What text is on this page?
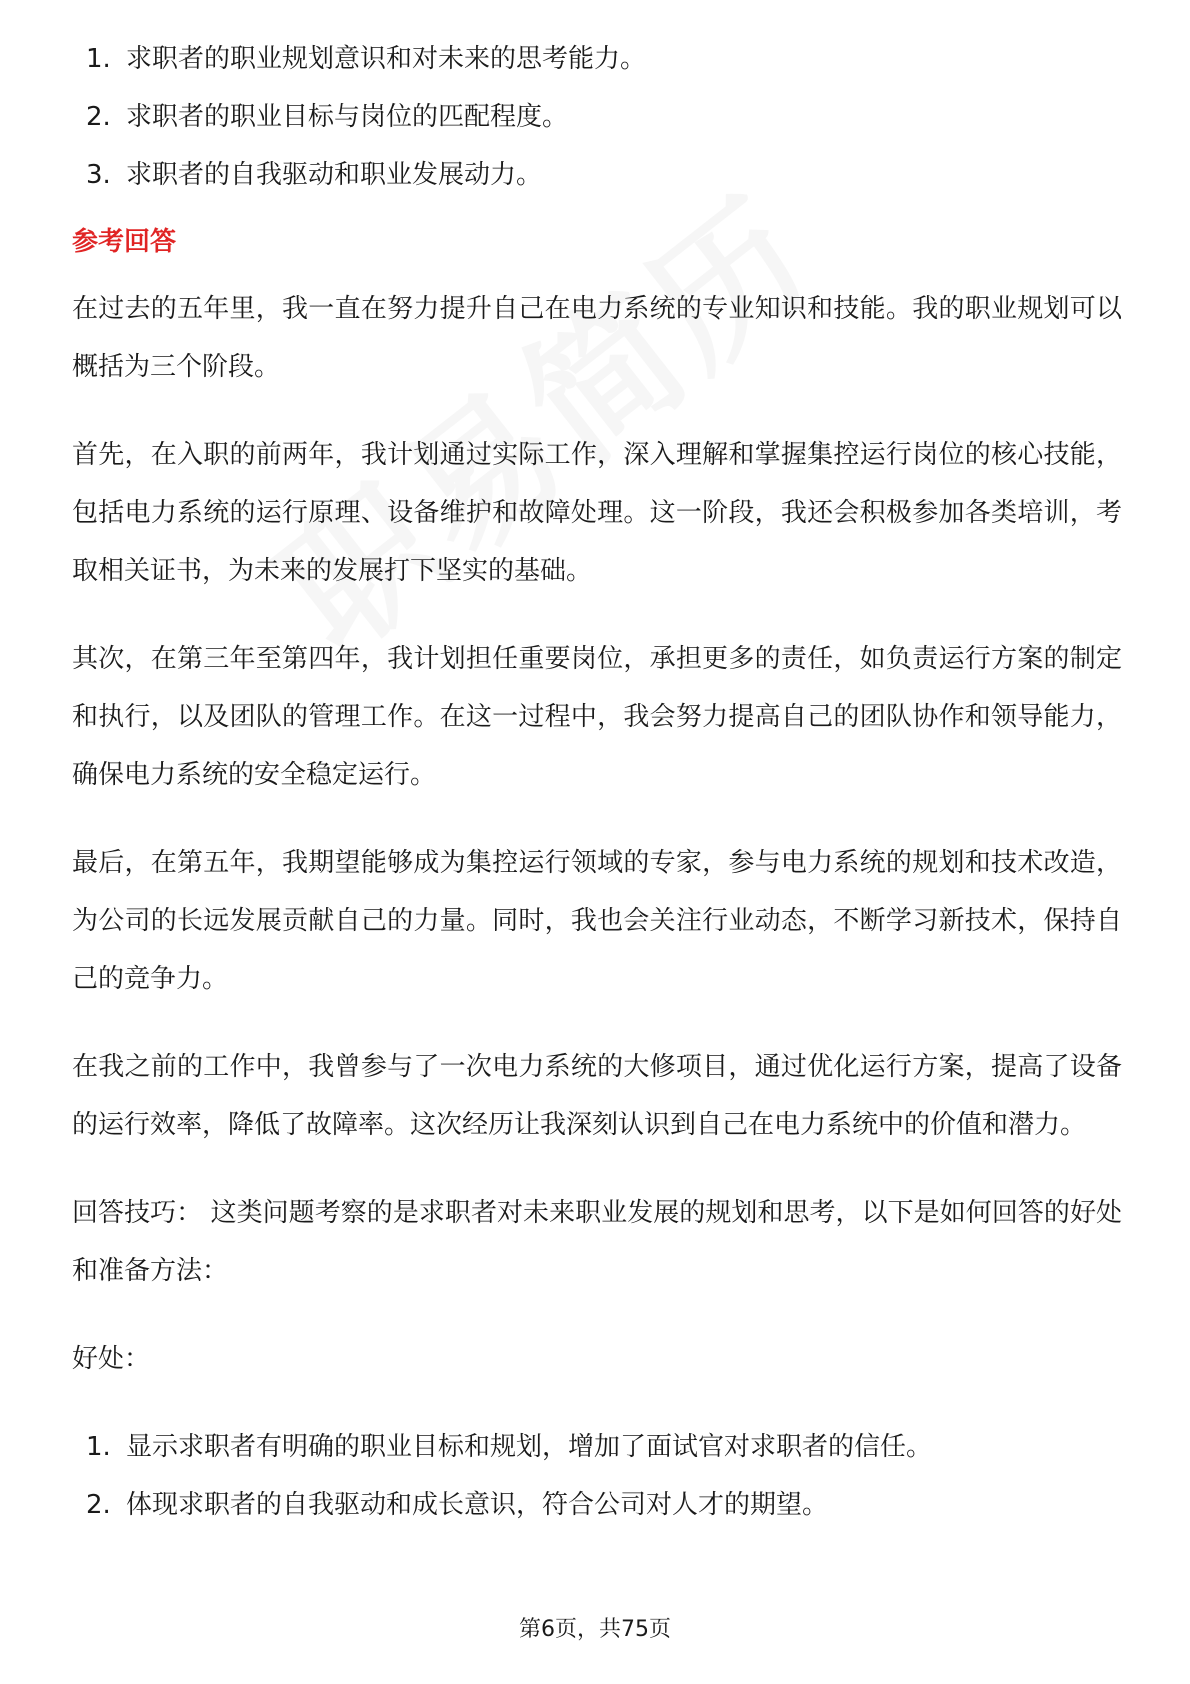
1. 求职者的职业规划意识和对未来的思考能力。
2. 求职者的职业目标与岗位的匹配程度。
3. 求职者的自我驱动和职业发展动力。
参考回答

在过去的五年里，我一直在努力提升自己在电力系统的专业知识和技能。我的职业规划可以概括为三个阶段。

首先，在入职的前两年，我计划通过实际工作，深入理解和掌握集控运行岗位的核心技能，包括电力系统的运行原理、设备维护和故障处理。这一阶段，我还会积极参加各类培训，考取相关证书，为未来的发展打下坚实的基础。

其次，在第三年至第四年，我计划担任重要岗位，承担更多的责任，如负责运行方案的制定和执行，以及团队的管理工作。在这一过程中，我会努力提高自己的团队协作和领导能力，确保电力系统的安全稳定运行。

最后，在第五年，我期望能够成为集控运行领域的专家，参与电力系统的规划和技术改造，为公司的长远发展贡献自己的力量。同时，我也会关注行业动态，不断学习新技术，保持自己的竞争力。

在我之前的工作中，我曾参与了一次电力系统的大修项目，通过优化运行方案，提高了设备的运行效率，降低了故障率。这次经历让我深刻认识到自己在电力系统中的价值和潜力。

回答技巧： 这类问题考察的是求职者对未来职业发展的规划和思考，以下是如何回答的好处和准备方法：

好处：

1. 显示求职者有明确的职业目标和规划，增加了面试官对求职者的信任。
2. 体现求职者的自我驱动和成长意识，符合公司对人才的期望。
第6页，共75页
